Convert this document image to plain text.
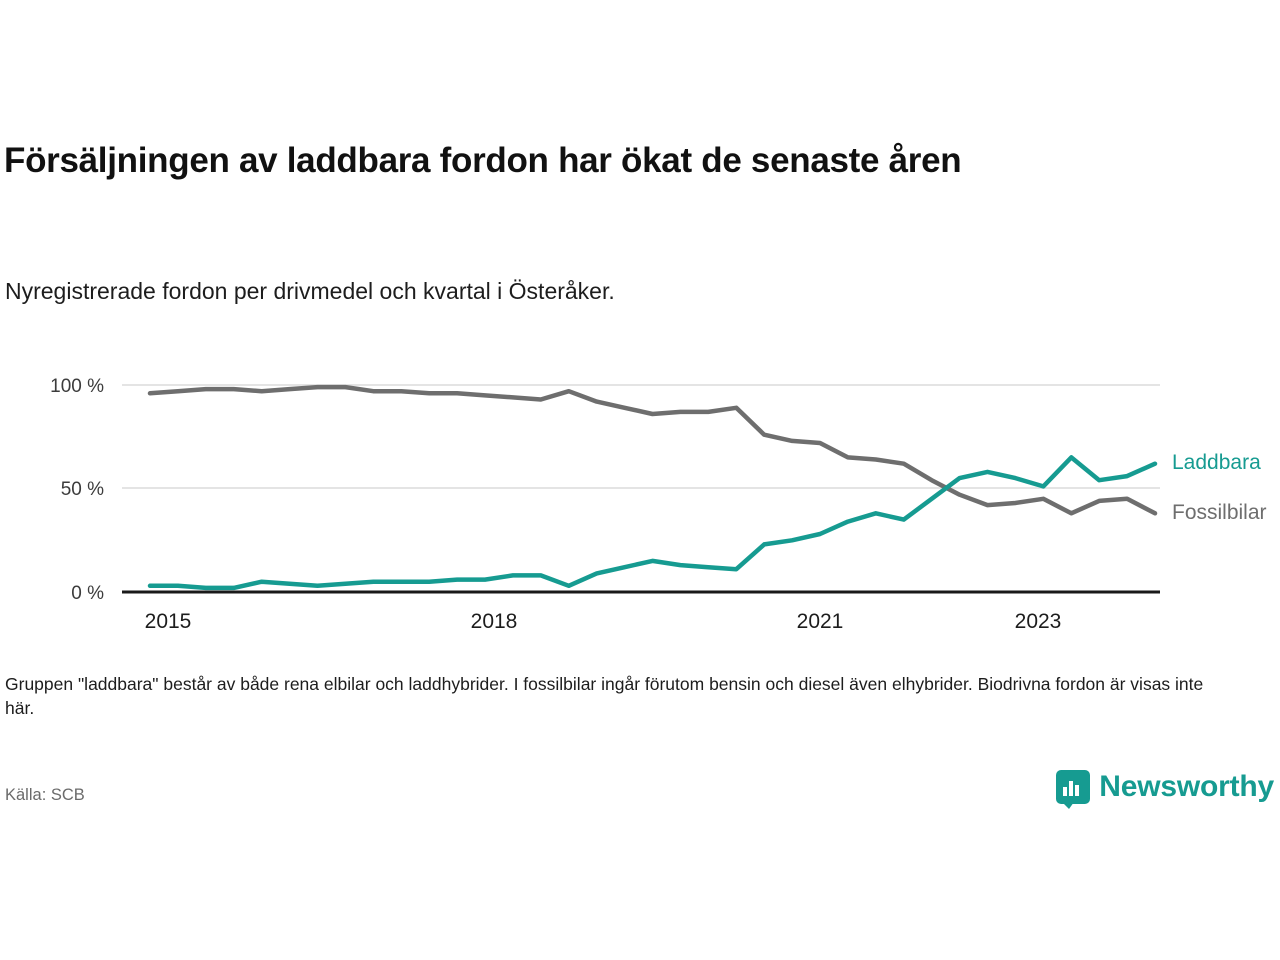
Försäljningen av laddbara fordon har ökat de senaste åren
Nyregistrerade fordon per drivmedel och kvartal i Österåker.
100 %
50 %
0 %
2015	2018	2021	2023
Laddbara
Fossilbilar
Gruppen "laddbara" består av både rena elbilar och laddhybrider. I fossilbilar ingår förutom bensin och diesel även elhybrider. Biodrivna fordon är visas inte här.
Källa: SCB	Newsworthy
